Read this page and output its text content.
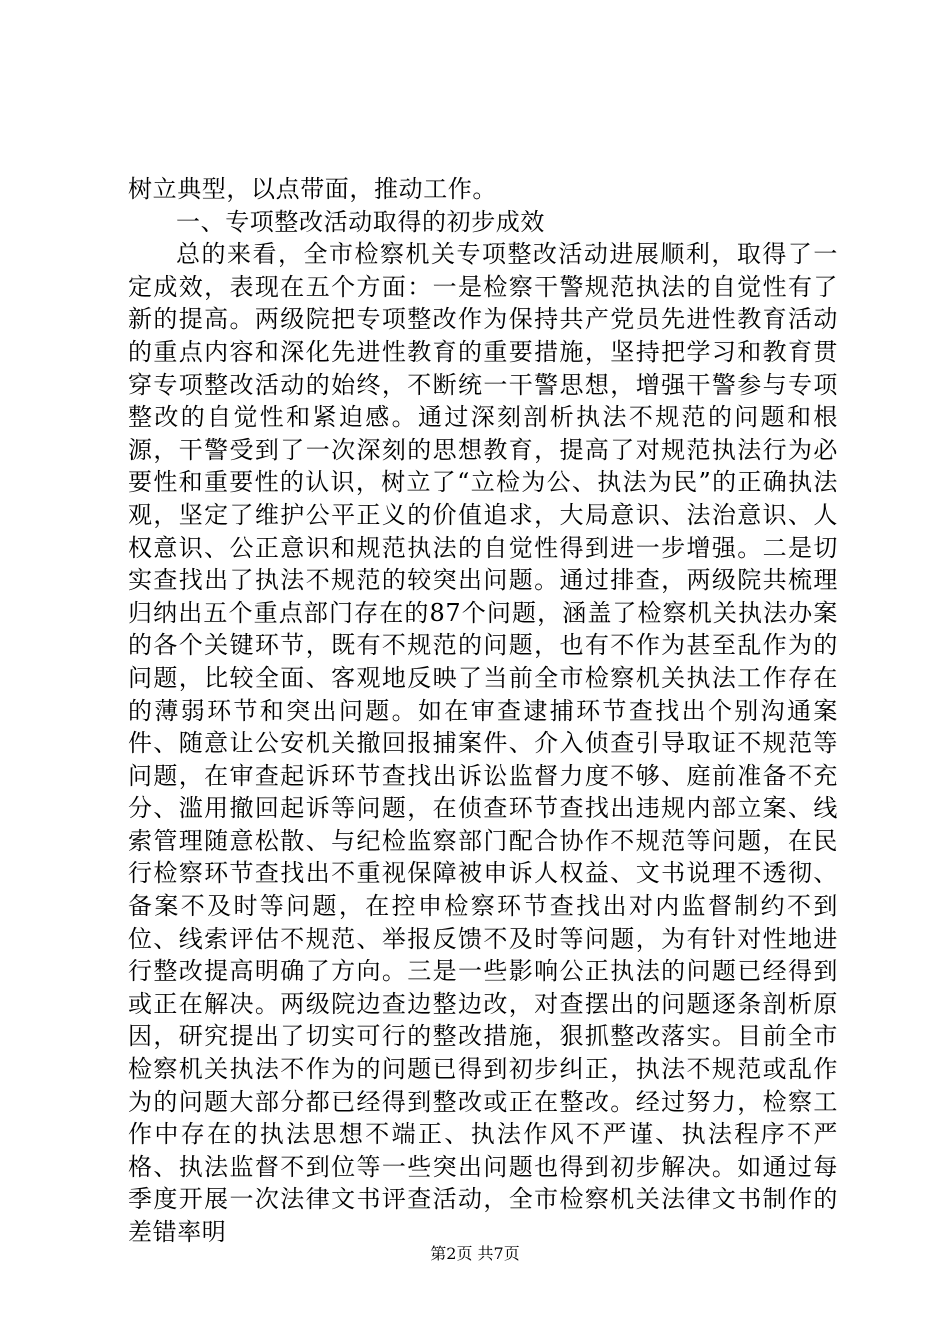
树立典型，以点带面，推动工作。

一、专项整改活动取得的初步成效

总的来看，全市检察机关专项整改活动进展顺利，取得了一定成效，表现在五个方面：一是检察干警规范执法的自觉性有了新的提高。两级院把专项整改作为保持共产党员先进性教育活动的重点内容和深化先进性教育的重要措施，坚持把学习和教育贯穿专项整改活动的始终，不断统一干警思想，增强干警参与专项整改的自觉性和紧迫感。通过深刻剖析执法不规范的问题和根源，干警受到了一次深刻的思想教育，提高了对规范执法行为必要性和重要性的认识，树立了“立检为公、执法为民”的正确执法观，坚定了维护公平正义的价值追求，大局意识、法治意识、人权意识、公正意识和规范执法的自觉性得到进一步增强。二是切实查找出了执法不规范的较突出问题。通过排查，两级院共梳理归纳出五个重点部门存在的87个问题，涵盖了检察机关执法办案的各个关键环节，既有不规范的问题，也有不作为甚至乱作为的问题，比较全面、客观地反映了当前全市检察机关执法工作存在的薄弱环节和突出问题。如在审查逮捕环节查找出个别沟通案件、随意让公安机关撤回报捕案件、介入侦查引导取证不规范等问题，在审查起诉环节查找出诉讼监督力度不够、庭前准备不充分、滥用撤回起诉等问题，在侦查环节查找出违规内部立案、线索管理随意松散、与纪检监察部门配合协作不规范等问题，在民行检察环节查找出不重视保障被申诉人权益、文书说理不透彻、备案不及时等问题，在控申检察环节查找出对内监督制约不到位、线索评估不规范、举报反馈不及时等问题，为有针对性地进行整改提高明确了方向。三是一些影响公正执法的问题已经得到或正在解决。两级院边查边整边改，对查摆出的问题逐条剖析原因，研究提出了切实可行的整改措施，狠抓整改落实。目前全市检察机关执法不作为的问题已得到初步纠正，执法不规范或乱作为的问题大部分都已经得到整改或正在整改。经过努力，检察工作中存在的执法思想不端正、执法作风不严谨、执法程序不严格、执法监督不到位等一些突出问题也得到初步解决。如通过每季度开展一次法律文书评查活动，全市检察机关法律文书制作的差错率明

第2页 共7页
